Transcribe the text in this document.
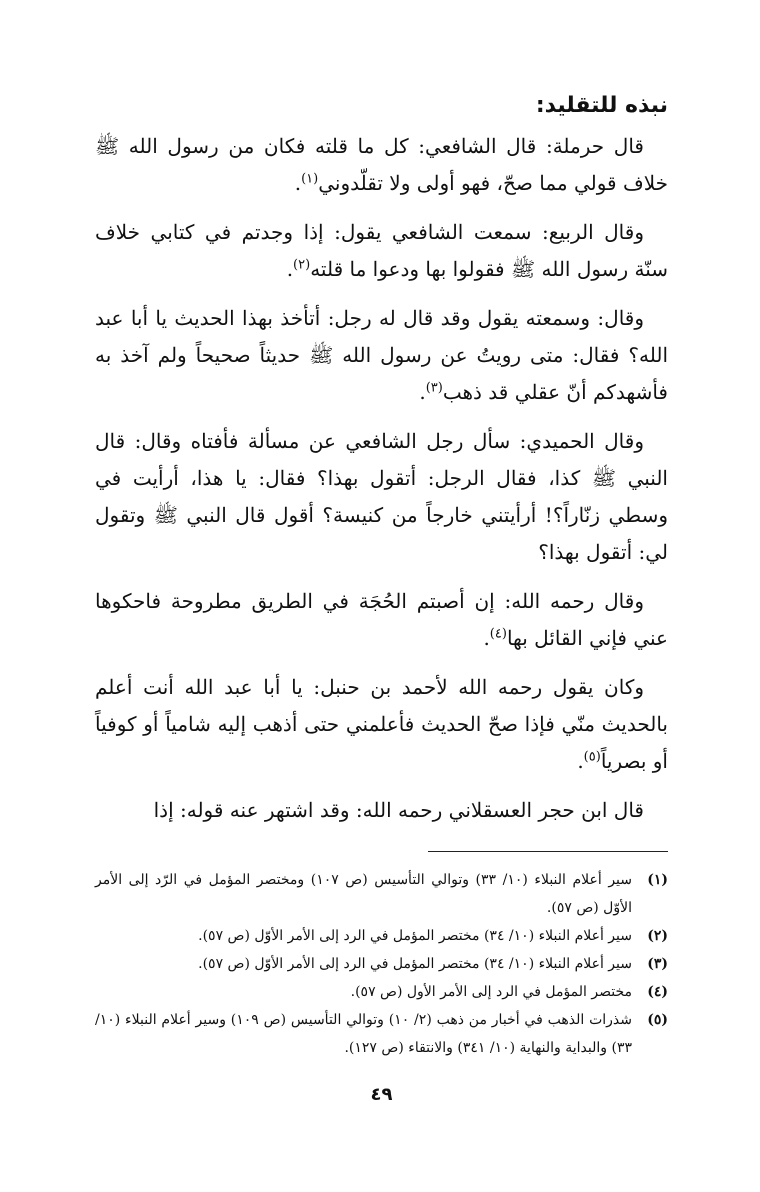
نبذه للتقليد:

قال حرملة: قال الشافعي: كل ما قلته فكان من رسول الله ﷺ خلاف قولي مما صحّ، فهو أولى ولا تقلّدوني$^{(١)}$.

وقال الربيع: سمعت الشافعي يقول: إذا وجدتم في كتابي خلاف سنّة رسول الله ﷺ فقولوا بها ودعوا ما قلته$^{(٢)}$.

وقال: وسمعته يقول وقد قال له رجل: أتأخذ بهذا الحديث يا أبا عبد الله؟ فقال: متى رويتُ عن رسول الله ﷺ حديثاً صحيحاً ولم آخذ به فأشهدكم أنّ عقلي قد ذهب$^{(٣)}$.

وقال الحميدي: سأل رجل الشافعي عن مسألة فأفتاه وقال: قال النبي ﷺ كذا، فقال الرجل: أتقول بهذا؟ فقال: يا هذا، أرأيت في وسطي زنّاراً؟! أرأيتني خارجاً من كنيسة؟ أقول قال النبي ﷺ وتقول لي: أتقول بهذا؟

وقال رحمه الله: إن أصبتم الحُجَة في الطريق مطروحة فاحكوها عني فإني القائل بها$^{(٤)}$.

وكان يقول رحمه الله لأحمد بن حنبل: يا أبا عبد الله أنت أعلم بالحديث منّي فإذا صحّ الحديث فأعلمني حتى أذهب إليه شامياً أو كوفياً أو بصرياً$^{(٥)}$.

قال ابن حجر العسقلاني رحمه الله: وقد اشتهر عنه قوله: إذا

(١)
سير أعلام النبلاء (١٠/ ٣٣) وتوالي التأسيس (ص ١٠٧) ومختصر المؤمل في الرّد إلى الأمر الأوّل (ص ٥٧).
(٢)
سير أعلام النبلاء (١٠/ ٣٤) مختصر المؤمل في الرد إلى الأمر الأوّل (ص ٥٧).
(٣)
سير أعلام النبلاء (١٠/ ٣٤) مختصر المؤمل في الرد إلى الأمر الأوّل (ص ٥٧).
(٤)
مختصر المؤمل في الرد إلى الأمر الأول (ص ٥٧).
(٥)
شذرات الذهب في أخبار من ذهب (٢/ ١٠) وتوالي التأسيس (ص ١٠٩) وسير أعلام النبلاء (١٠/ ٣٣) والبداية والنهاية (١٠/ ٣٤١) والانتقاء (ص ١٢٧).
٤٩
